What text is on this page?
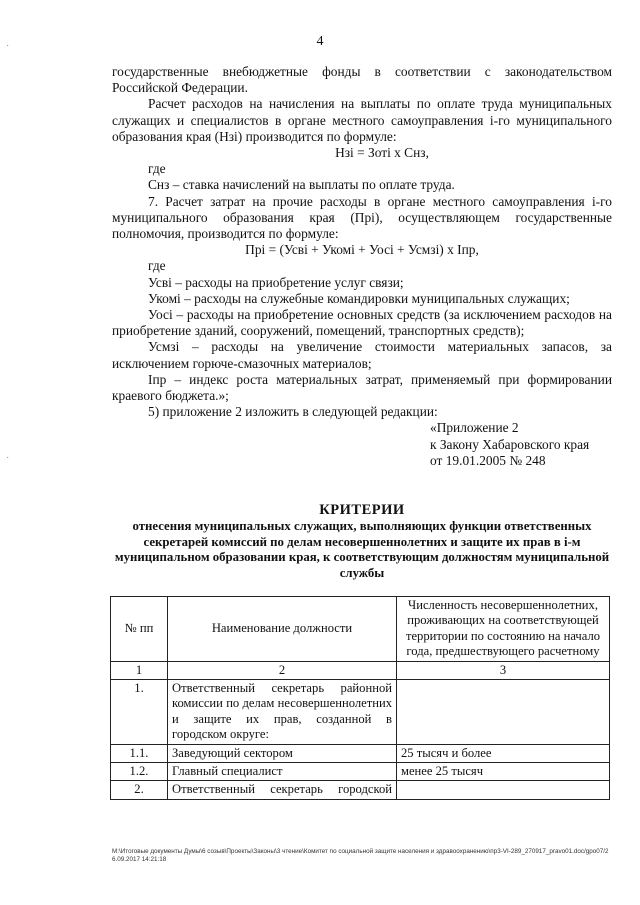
4

государственные внебюджетные фонды в соответствии с законодательством Российской Федерации.

Расчет расходов на начисления на выплаты по оплате труда муниципальных служащих и специалистов в органе местного самоуправления i-го муниципального образования края (Нзi) производится по формуле:

Нзi = Зотi х Снз,

где

Снз – ставка начислений на выплаты по оплате труда.

7. Расчет затрат на прочие расходы в органе местного самоуправления i-го муниципального образования края (Прi), осуществляющем государственные полномочия, производится по формуле:

Прi = (Усвi + Укомi + Уосi + Усмзi) х Iпр,

где

Усвi – расходы на приобретение услуг связи;

Укомi – расходы на служебные командировки муниципальных служащих;

Уосi – расходы на приобретение основных средств (за исключением расходов на приобретение зданий, сооружений, помещений, транспортных средств);

Усмзi – расходы на увеличение стоимости материальных запасов, за исключением горюче-смазочных материалов;

Iпр – индекс роста материальных затрат, применяемый при формировании краевого бюджета.»;

5) приложение 2 изложить в следующей редакции:

«Приложение 2

к Закону Хабаровского края

от 19.01.2005 № 248

КРИТЕРИИ
отнесения муниципальных служащих, выполняющих функции ответственных секретарей комиссий по делам несовершеннолетних и защите их прав в i-м муниципальном образовании края, к соответствующим должностям муниципальной службы
№ пп	Наименование должности	Численность несовершеннолетних, проживающих на соответствующей территории по состоянию на начало года, предшествующего расчетному
1	2	3
1.	Ответственный секретарь районной комиссии по делам несовершеннолетних и защите их прав, созданной в городском округе:	
1.1.	Заведующий сектором	25 тысяч и более
1.2.	Главный специалист	менее 25 тысяч
2.	Ответственный секретарь городской	
М:\Итоговые документы Думы\6 созыв\Проекты\Законы\3 чтение\Комитет по социальной защите населения и здравоохранению\пр3-VI-289_270917_pravo01.doc/gpo07/26.09.2017 14:21:18
·
·
